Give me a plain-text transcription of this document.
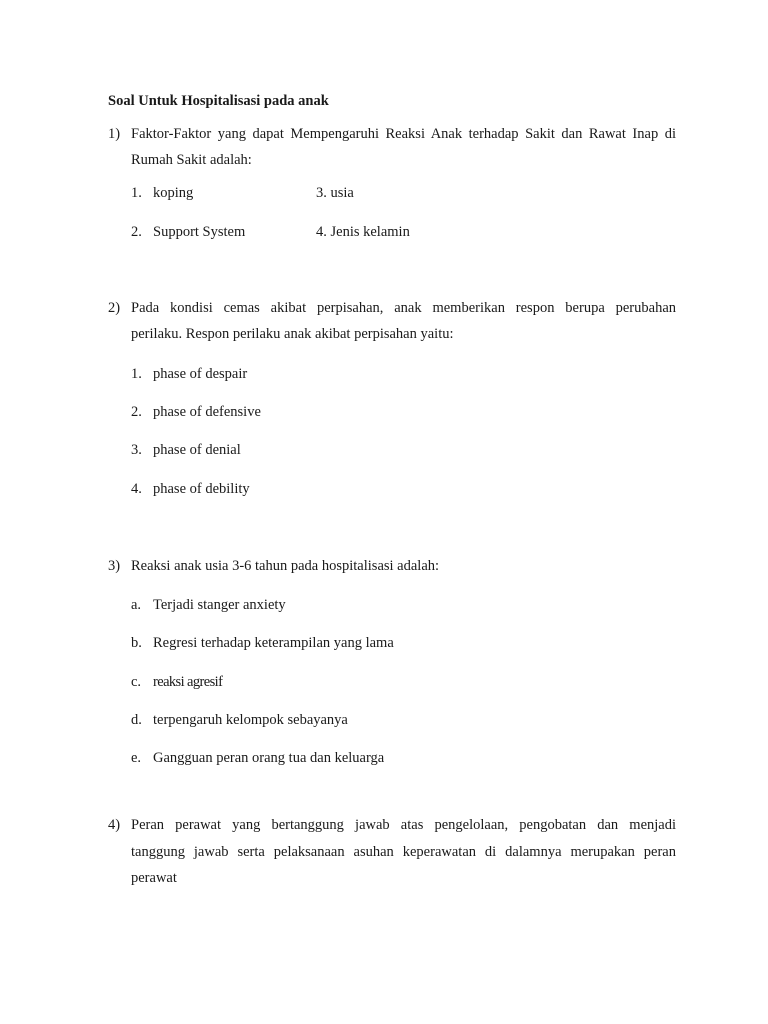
Soal Untuk Hospitalisasi pada anak
1) Faktor-Faktor yang dapat Mempengaruhi Reaksi Anak terhadap Sakit dan Rawat Inap di
Rumah Sakit adalah:
1. koping	3. usia
2. Support System	4. Jenis kelamin
2) Pada kondisi cemas akibat perpisahan, anak memberikan respon berupa perubahan
perilaku. Respon perilaku anak akibat perpisahan yaitu:
1. phase of despair
2. phase of defensive
3. phase of denial
4. phase of debility
3) Reaksi anak usia 3-6 tahun pada hospitalisasi adalah:
a. Terjadi stanger anxiety
b. Regresi terhadap keterampilan yang lama
c. reaksi agresif
d. terpengaruh kelompok sebayanya
e. Gangguan peran orang tua dan keluarga
4) Peran perawat yang bertanggung jawab atas pengelolaan, pengobatan dan menjadi
tanggung jawab serta pelaksanaan asuhan keperawatan di dalamnya merupakan peran
perawat
